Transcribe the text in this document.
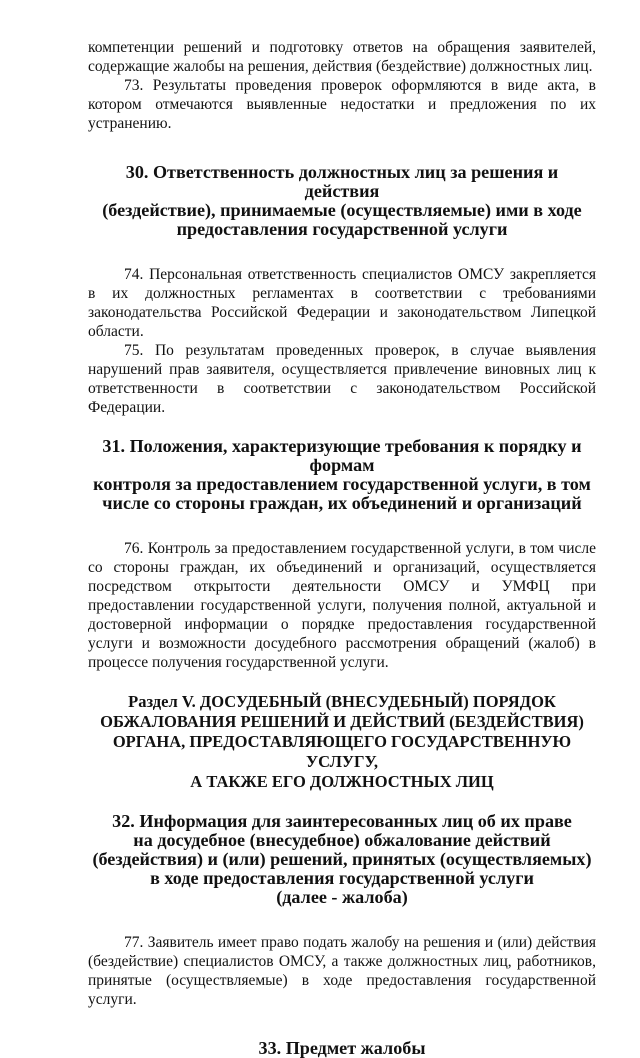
компетенции решений и подготовку ответов на обращения заявителей, содержащие жалобы на решения, действия (бездействие) должностных лиц.

73. Результаты проведения проверок оформляются в виде акта, в котором отмечаются выявленные недостатки и предложения по их устранению.

30. Ответственность должностных лиц за решения и действия
(бездействие), принимаемые (осуществляемые) ими в ходе
предоставления государственной услуги

74. Персональная ответственность специалистов ОМСУ закрепляется в их должностных регламентах в соответствии с требованиями законодательства Российской Федерации и законодательством Липецкой области.

75. По результатам проведенных проверок, в случае выявления нарушений прав заявителя, осуществляется привлечение виновных лиц к ответственности в соответствии с законодательством Российской Федерации.

31. Положения, характеризующие требования к порядку и формам
контроля за предоставлением государственной услуги, в том
числе со стороны граждан, их объединений и организаций

76. Контроль за предоставлением государственной услуги, в том числе со стороны граждан, их объединений и организаций, осуществляется посредством открытости деятельности ОМСУ и УМФЦ при предоставлении государственной услуги, получения полной, актуальной и достоверной информации о порядке предоставления государственной услуги и возможности досудебного рассмотрения обращений (жалоб) в процессе получения государственной услуги.

Раздел V. ДОСУДЕБНЫЙ (ВНЕСУДЕБНЫЙ) ПОРЯДОК
ОБЖАЛОВАНИЯ РЕШЕНИЙ И ДЕЙСТВИЙ (БЕЗДЕЙСТВИЯ)
ОРГАНА, ПРЕДОСТАВЛЯЮЩЕГО ГОСУДАРСТВЕННУЮ УСЛУГУ,
А ТАКЖЕ ЕГО ДОЛЖНОСТНЫХ ЛИЦ
32. Информация для заинтересованных лиц об их праве
на досудебное (внесудебное) обжалование действий
(бездействия) и (или) решений, принятых (осуществляемых)
в ходе предоставления государственной услуги
(далее - жалоба)

77. Заявитель имеет право подать жалобу на решения и (или) действия (бездействие) специалистов ОМСУ, а также должностных лиц, работников, принятые (осуществляемые) в ходе предоставления государственной услуги.

33. Предмет жалобы
